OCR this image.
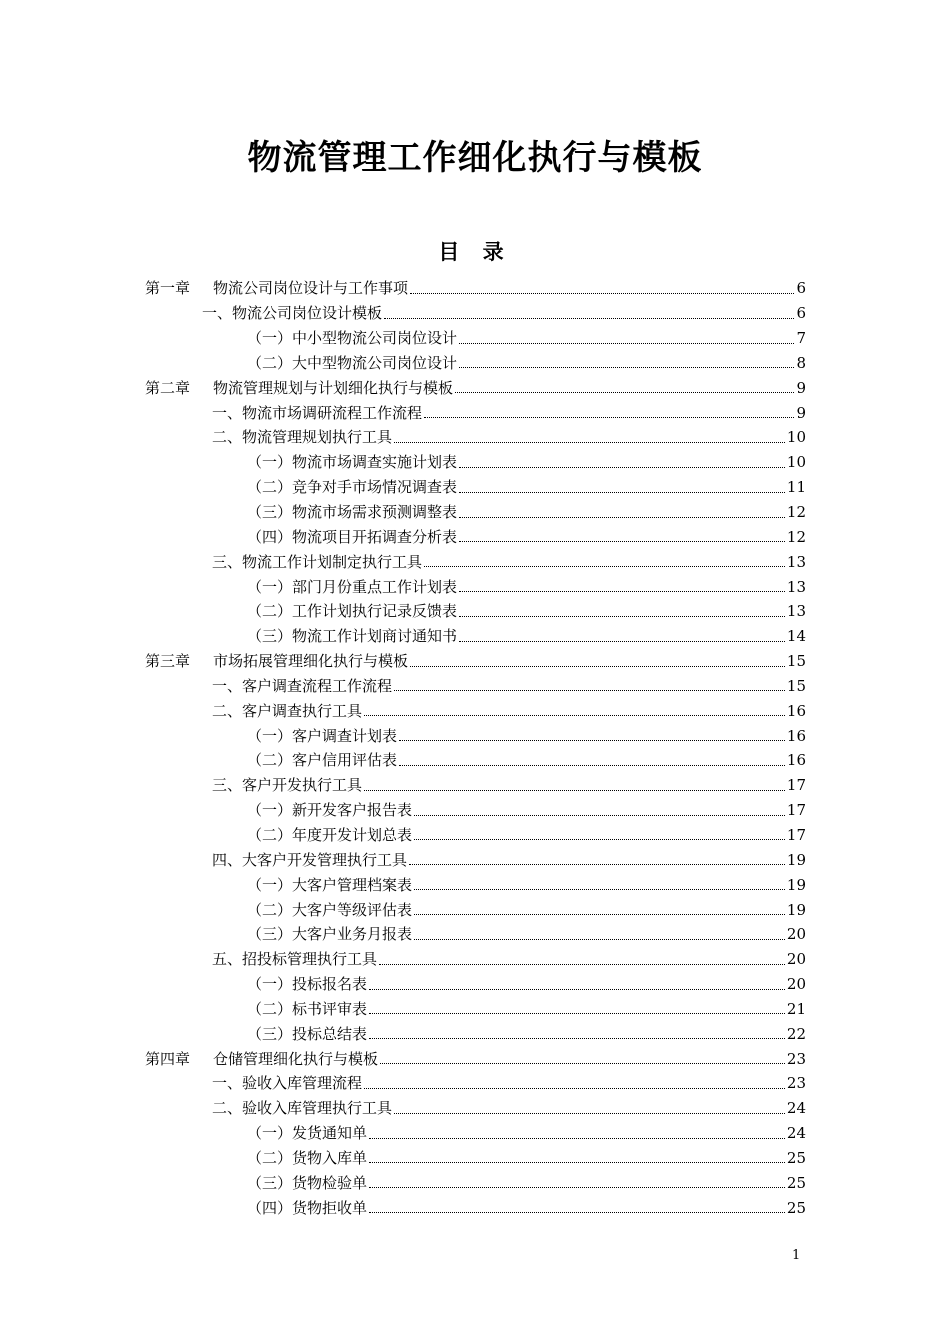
物流管理工作细化执行与模板
目 录
第一章	物流公司岗位设计与工作事项	6
一、物流公司岗位设计模板	6
（一）中小型物流公司岗位设计	7
（二）大中型物流公司岗位设计	8
第二章	物流管理规划与计划细化执行与模板	9
一、物流市场调研流程工作流程	9
二、物流管理规划执行工具	10
（一）物流市场调查实施计划表	10
（二）竞争对手市场情况调查表	11
（三）物流市场需求预测调整表	12
（四）物流项目开拓调查分析表	12
三、物流工作计划制定执行工具	13
（一）部门月份重点工作计划表	13
（二）工作计划执行记录反馈表	13
（三）物流工作计划商讨通知书	14
第三章	市场拓展管理细化执行与模板	15
一、客户调查流程工作流程	15
二、客户调查执行工具	16
（一）客户调查计划表	16
（二）客户信用评估表	16
三、客户开发执行工具	17
（一）新开发客户报告表	17
（二）年度开发计划总表	17
四、大客户开发管理执行工具	19
（一）大客户管理档案表	19
（二）大客户等级评估表	19
（三）大客户业务月报表	20
五、招投标管理执行工具	20
（一）投标报名表	20
（二）标书评审表	21
（三）投标总结表	22
第四章	仓储管理细化执行与模板	23
一、验收入库管理流程	23
二、验收入库管理执行工具	24
（一）发货通知单	24
（二）货物入库单	25
（三）货物检验单	25
（四）货物拒收单	25

1
